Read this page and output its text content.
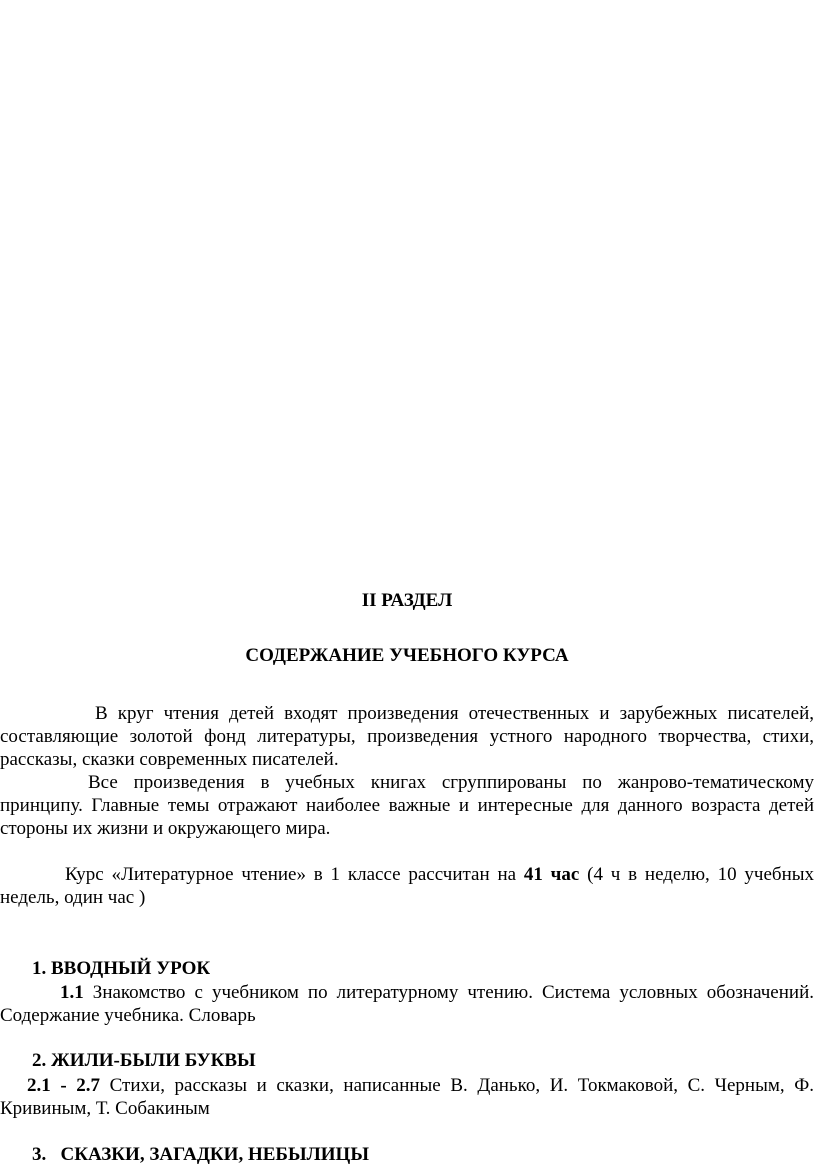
II РАЗДЕЛ
СОДЕРЖАНИЕ УЧЕБНОГО КУРСА
В круг чтения детей входят произведения отечественных и зарубежных писателей, составляющие золотой фонд литературы, произведения устного народного творчества, стихи, рассказы, сказки современных писателей.
Все произведения в учебных книгах сгруппированы по жанрово-тематическому принципу. Главные темы отражают наиболее важные и интересные для данного возраста детей стороны их жизни и окружающего мира.
Курс «Литературное чтение» в 1 классе рассчитан на 41 час (4 ч в неделю, 10 учебных недель, один час )
1. ВВОДНЫЙ УРОК
1.1 Знакомство с учебником по литературному чтению. Система условных обозначений. Содержание учебника. Словарь
2. ЖИЛИ-БЫЛИ БУКВЫ
2.1 - 2.7 Стихи, рассказы и сказки, написанные В. Данько, И. Токмаковой, С. Черным, Ф. Кривиным, Т. Собакиным
3.   СКАЗКИ, ЗАГАДКИ, НЕБЫЛИЦЫ
